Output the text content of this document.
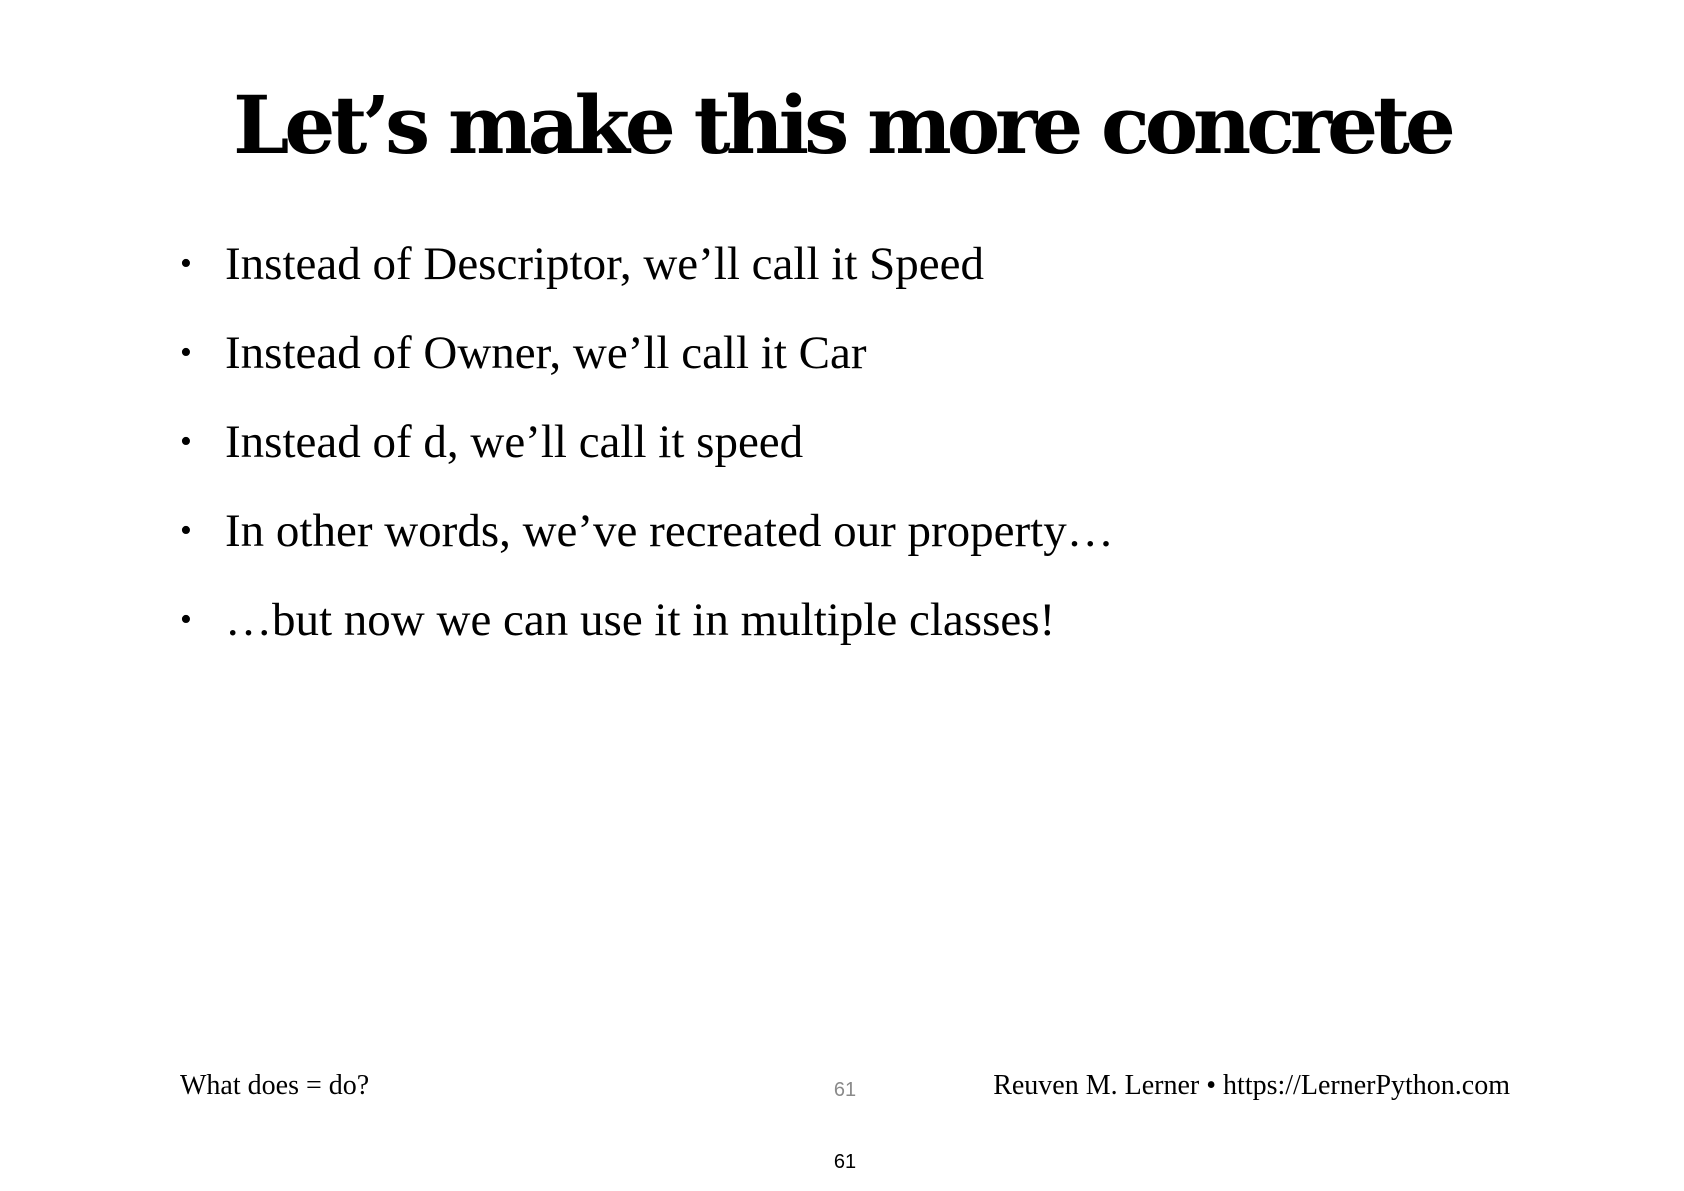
Let’s make this more concrete
• Instead of Descriptor, we’ll call it Speed
• Instead of Owner, we’ll call it Car
• Instead of d, we’ll call it speed
• In other words, we’ve recreated our property…
• …but now we can use it in multiple classes!
What does = do?	61	Reuven M. Lerner • https://LernerPython.com
61
